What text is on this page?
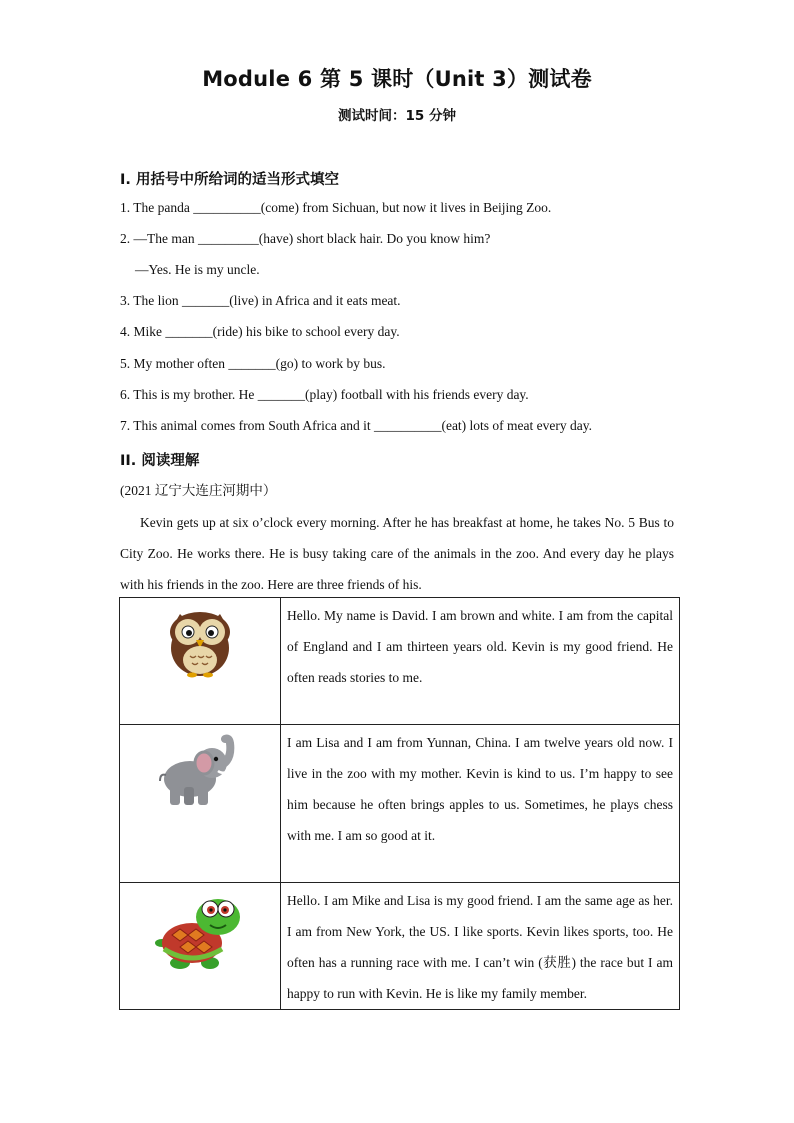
Module 6 第 5 课时（Unit 3）测试卷
测试时间：15 分钟
Ⅰ. 用括号中所给词的适当形式填空
1. The panda __________(come) from Sichuan, but now it lives in Beijing Zoo.
2. —The man _________(have) short black hair. Do you know him?
—Yes. He is my uncle.
3. The lion _______(live) in Africa and it eats meat.
4. Mike _______(ride) his bike to school every day.
5. My mother often _______(go) to work by bus.
6. This is my brother. He _______(play) football with his friends every day.
7. This animal comes from South Africa and it __________(eat) lots of meat every day.
II. 阅读理解
(2021 辽宁大连庄河期中）

Kevin gets up at six o’clock every morning. After he has breakfast at home, he takes No. 5 Bus to City Zoo. He works there. He is busy taking care of the animals in the zoo. And every day he plays with his friends in the zoo. Here are three friends of his.

	Hello. My name is David. I am brown and white. I am from the capital of England and I am thirteen years old. Kevin is my good friend. He often reads stories to me.

	I am Lisa and I am from Yunnan, China. I am twelve years old now. I live in the zoo with my mother. Kevin is kind to us. I’m happy to see him because he often brings apples to us. Sometimes, he plays chess with me. I am so good at it.

	Hello. I am Mike and Lisa is my good friend. I am the same age as her. I am from New York, the US. I like sports. Kevin likes sports, too. He often has a running race with me. I can’t win (获胜) the race but I am happy to run with Kevin. He is like my family member.
